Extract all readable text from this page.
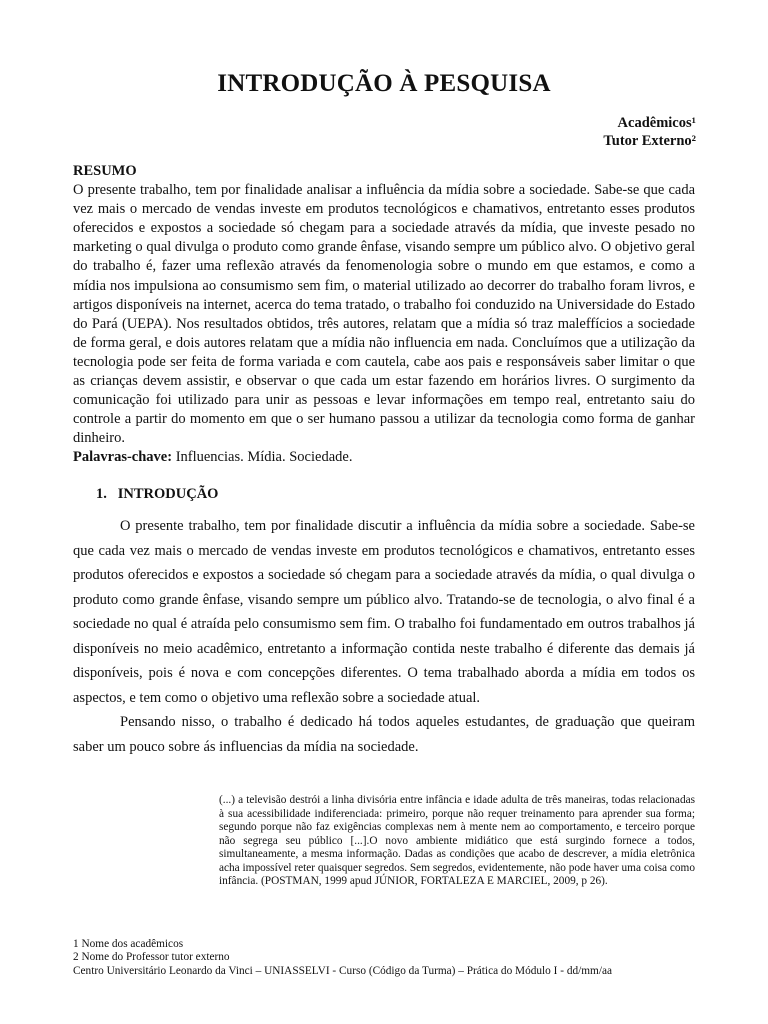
INTRODUÇÃO À PESQUISA
Acadêmicos¹
Tutor Externo²
RESUMO
O presente trabalho, tem por finalidade analisar a influência da mídia sobre a sociedade. Sabe-se que cada vez mais o mercado de vendas investe em produtos tecnológicos e chamativos, entretanto esses produtos oferecidos e expostos a sociedade só chegam para a sociedade através da mídia, que investe pesado no marketing o qual divulga o produto como grande ênfase, visando sempre um público alvo. O objetivo geral do trabalho é, fazer uma reflexão através da fenomenologia sobre o mundo em que estamos, e como a mídia nos impulsiona ao consumismo sem fim, o material utilizado ao decorrer do trabalho foram livros, e artigos disponíveis na internet, acerca do tema tratado, o trabalho foi conduzido na Universidade do Estado do Pará (UEPA). Nos resultados obtidos, três autores, relatam que a mídia só traz maleffícios a sociedade de forma geral, e dois autores relatam que a mídia não influencia em nada. Concluímos que a utilização da tecnologia pode ser feita de forma variada e com cautela, cabe aos pais e responsáveis saber limitar o que as crianças devem assistir, e observar o que cada um estar fazendo em horários livres. O surgimento da comunicação foi utilizado para unir as pessoas e levar informações em tempo real, entretanto saiu do controle a partir do momento em que o ser humano passou a utilizar da tecnologia como forma de ganhar dinheiro.
Palavras-chave: Influencias. Mídia. Sociedade.
1.   INTRODUÇÃO

O presente trabalho, tem por finalidade discutir a influência da mídia sobre a sociedade. Sabe-se que cada vez mais o mercado de vendas investe em produtos tecnológicos e chamativos, entretanto esses produtos oferecidos e expostos a sociedade só chegam para a sociedade através da mídia, o qual divulga o produto como grande ênfase, visando sempre um público alvo. Tratando-se de tecnologia, o alvo final é a sociedade no qual é atraída pelo consumismo sem fim. O trabalho foi fundamentado em outros trabalhos já disponíveis no meio acadêmico, entretanto a informação contida neste trabalho é diferente das demais já disponíveis, pois é nova e com concepções diferentes. O tema trabalhado aborda a mídia em todos os aspectos, e tem como o objetivo uma reflexão sobre a sociedade atual.

Pensando nisso, o trabalho é dedicado há todos aqueles estudantes, de graduação que queiram saber um pouco sobre ás influencias da mídia na sociedade.

(...) a televisão destrói a linha divisória entre infância e idade adulta de três maneiras, todas relacionadas à sua acessibilidade indiferenciada: primeiro, porque não requer treinamento para aprender sua forma; segundo porque não faz exigências complexas nem à mente nem ao comportamento, e terceiro porque não segrega seu público [...].O novo ambiente midiático que está surgindo fornece a todos, simultaneamente, a mesma informação. Dadas as condições que acabo de descrever, a mídia eletrônica acha impossível reter quaisquer segredos. Sem segredos, evidentemente, não pode haver uma coisa como infância. (POSTMAN, 1999 apud JÚNIOR, FORTALEZA E MARCIEL, 2009, p 26).
1 Nome dos acadêmicos
2 Nome do Professor tutor externo
Centro Universitário Leonardo da Vinci – UNIASSELVI - Curso (Código da Turma) – Prática do Módulo I - dd/mm/aa
